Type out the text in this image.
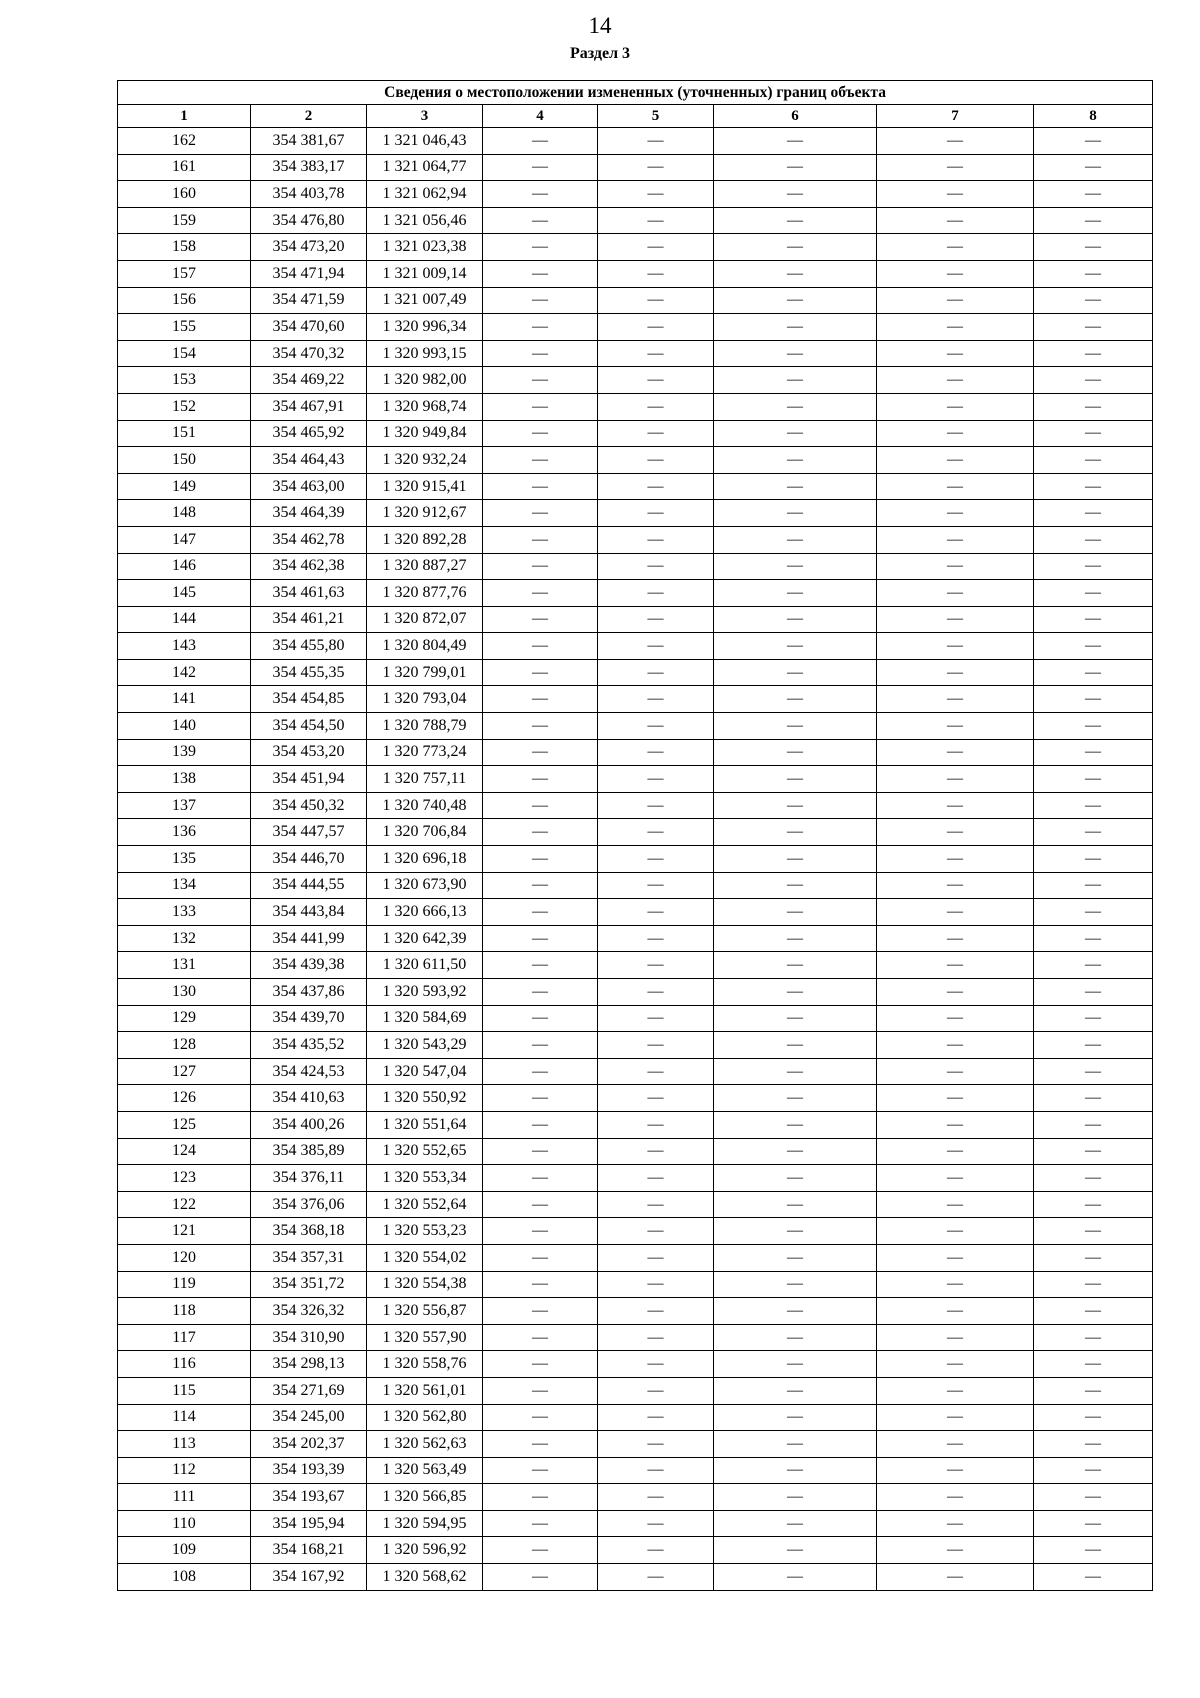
14
Раздел 3
Сведения о местоположении измененных (уточненных) границ объекта							
1	2	3	4	5	6	7	8
162	354 381,67	1 321 046,43	—	—	—	—	—
161	354 383,17	1 321 064,77	—	—	—	—	—
160	354 403,78	1 321 062,94	—	—	—	—	—
159	354 476,80	1 321 056,46	—	—	—	—	—
158	354 473,20	1 321 023,38	—	—	—	—	—
157	354 471,94	1 321 009,14	—	—	—	—	—
156	354 471,59	1 321 007,49	—	—	—	—	—
155	354 470,60	1 320 996,34	—	—	—	—	—
154	354 470,32	1 320 993,15	—	—	—	—	—
153	354 469,22	1 320 982,00	—	—	—	—	—
152	354 467,91	1 320 968,74	—	—	—	—	—
151	354 465,92	1 320 949,84	—	—	—	—	—
150	354 464,43	1 320 932,24	—	—	—	—	—
149	354 463,00	1 320 915,41	—	—	—	—	—
148	354 464,39	1 320 912,67	—	—	—	—	—
147	354 462,78	1 320 892,28	—	—	—	—	—
146	354 462,38	1 320 887,27	—	—	—	—	—
145	354 461,63	1 320 877,76	—	—	—	—	—
144	354 461,21	1 320 872,07	—	—	—	—	—
143	354 455,80	1 320 804,49	—	—	—	—	—
142	354 455,35	1 320 799,01	—	—	—	—	—
141	354 454,85	1 320 793,04	—	—	—	—	—
140	354 454,50	1 320 788,79	—	—	—	—	—
139	354 453,20	1 320 773,24	—	—	—	—	—
138	354 451,94	1 320 757,11	—	—	—	—	—
137	354 450,32	1 320 740,48	—	—	—	—	—
136	354 447,57	1 320 706,84	—	—	—	—	—
135	354 446,70	1 320 696,18	—	—	—	—	—
134	354 444,55	1 320 673,90	—	—	—	—	—
133	354 443,84	1 320 666,13	—	—	—	—	—
132	354 441,99	1 320 642,39	—	—	—	—	—
131	354 439,38	1 320 611,50	—	—	—	—	—
130	354 437,86	1 320 593,92	—	—	—	—	—
129	354 439,70	1 320 584,69	—	—	—	—	—
128	354 435,52	1 320 543,29	—	—	—	—	—
127	354 424,53	1 320 547,04	—	—	—	—	—
126	354 410,63	1 320 550,92	—	—	—	—	—
125	354 400,26	1 320 551,64	—	—	—	—	—
124	354 385,89	1 320 552,65	—	—	—	—	—
123	354 376,11	1 320 553,34	—	—	—	—	—
122	354 376,06	1 320 552,64	—	—	—	—	—
121	354 368,18	1 320 553,23	—	—	—	—	—
120	354 357,31	1 320 554,02	—	—	—	—	—
119	354 351,72	1 320 554,38	—	—	—	—	—
118	354 326,32	1 320 556,87	—	—	—	—	—
117	354 310,90	1 320 557,90	—	—	—	—	—
116	354 298,13	1 320 558,76	—	—	—	—	—
115	354 271,69	1 320 561,01	—	—	—	—	—
114	354 245,00	1 320 562,80	—	—	—	—	—
113	354 202,37	1 320 562,63	—	—	—	—	—
112	354 193,39	1 320 563,49	—	—	—	—	—
111	354 193,67	1 320 566,85	—	—	—	—	—
110	354 195,94	1 320 594,95	—	—	—	—	—
109	354 168,21	1 320 596,92	—	—	—	—	—
108	354 167,92	1 320 568,62	—	—	—	—	—
